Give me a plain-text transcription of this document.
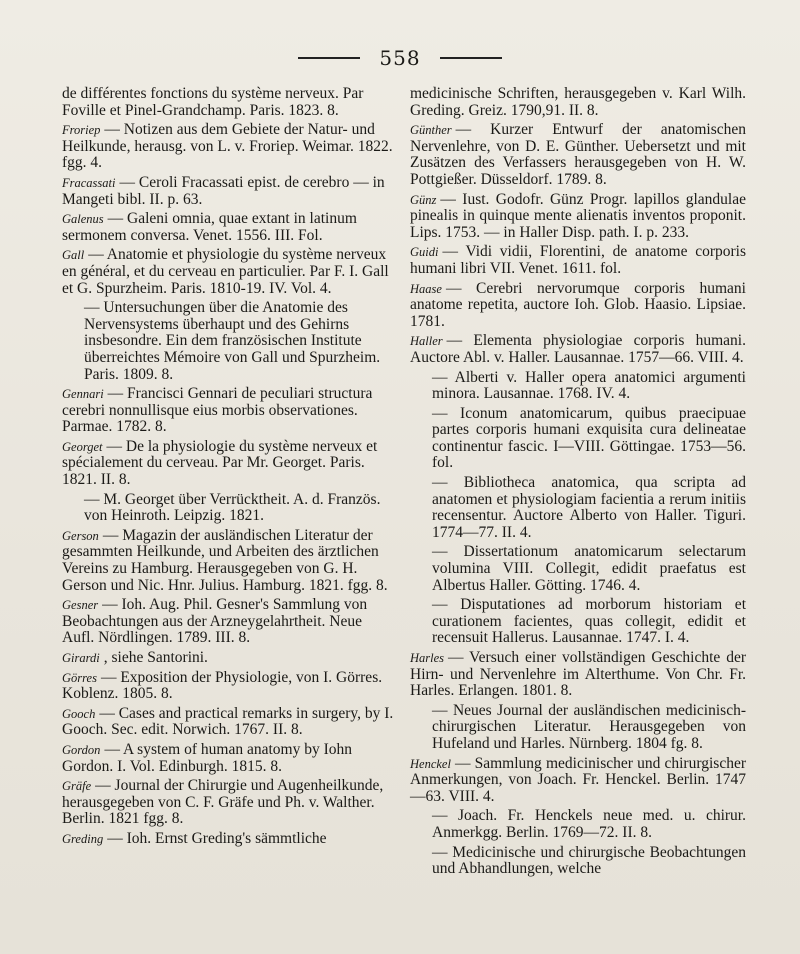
558
de différentes fonctions du système nerveux. Par Foville et Pinel-Grandchamp. Paris. 1823. 8.
Froriep — Notizen aus dem Gebiete der Natur- und Heilkunde, herausg. von L. v. Froriep. Weimar. 1822. fgg. 4.
Fracassati — Ceroli Fracassati epist. de cerebro — in Mangeti bibl. II. p. 63.
Galenus — Galeni omnia, quae extant in latinum sermonem conversa. Venet. 1556. III. Fol.
Gall — Anatomie et physiologie du système nerveux en général, et du cerveau en particulier. Par F. I. Gall et G. Spurzheim. Paris. 1810-19. IV. Vol. 4.
— Untersuchungen über die Anatomie des Nervensystems überhaupt und des Gehirns insbesondre. Ein dem französischen Institute überreichtes Mémoire von Gall und Spurzheim. Paris. 1809. 8.
Gennari — Francisci Gennari de peculiari structura cerebri nonnullisque eius morbis observationes. Parmae. 1782. 8.
Georget — De la physiologie du système nerveux et spécialement du cerveau. Par Mr. Georget. Paris. 1821. II. 8.
— M. Georget über Verrücktheit. A. d. Französ. von Heinroth. Leipzig. 1821.
Gerson — Magazin der ausländischen Literatur der gesammten Heilkunde, und Arbeiten des ärztlichen Vereins zu Hamburg. Herausgegeben von G. H. Gerson und Nic. Hnr. Julius. Hamburg. 1821. fgg. 8.
Gesner — Ioh. Aug. Phil. Gesner's Sammlung von Beobachtungen aus der Arzneygelahrtheit. Neue Aufl. Nördlingen. 1789. III. 8.
Girardi , siehe Santorini.
Görres — Exposition der Physiologie, von I. Görres. Koblenz. 1805. 8.
Gooch — Cases and practical remarks in surgery, by I. Gooch. Sec. edit. Norwich. 1767. II. 8.
Gordon — A system of human anatomy by Iohn Gordon. I. Vol. Edinburgh. 1815. 8.
Gräfe — Journal der Chirurgie und Augenheilkunde, herausgegeben von C. F. Gräfe und Ph. v. Walther. Berlin. 1821 fgg. 8.
Greding — Ioh. Ernst Greding's sämmtliche
medicinische Schriften, herausgegeben v. Karl Wilh. Greding. Greiz. 1790,91. II. 8.
Günther — Kurzer Entwurf der anatomischen Nervenlehre, von D. E. Günther. Uebersetzt und mit Zusätzen des Verfassers herausgegeben von H. W. Pottgießer. Düsseldorf. 1789. 8.
Günz — Iust. Godofr. Günz Progr. lapillos glandulae pinealis in quinque mente alienatis inventos proponit. Lips. 1753. — in Haller Disp. path. I. p. 233.
Guidi — Vidi vidii, Florentini, de anatome corporis humani libri VII. Venet. 1611. fol.
Haase — Cerebri nervorumque corporis humani anatome repetita, auctore Ioh. Glob. Haasio. Lipsiae. 1781.
Haller — Elementa physiologiae corporis humani. Auctore Abl. v. Haller. Lausannae. 1757—66. VIII. 4.
— Alberti v. Haller opera anatomici argumenti minora. Lausannae. 1768. IV. 4.
— Iconum anatomicarum, quibus praecipuae partes corporis humani exquisita cura delineatae continentur fascic. I—VIII. Göttingae. 1753—56. fol.
— Bibliotheca anatomica, qua scripta ad anatomen et physiologiam facientia a rerum initiis recensentur. Auctore Alberto von Haller. Tiguri. 1774—77. II. 4.
— Dissertationum anatomicarum selectarum volumina VIII. Collegit, edidit praefatus est Albertus Haller. Götting. 1746. 4.
— Disputationes ad morborum historiam et curationem facientes, quas collegit, edidit et recensuit Hallerus. Lausannae. 1747. I. 4.
Harles — Versuch einer vollständigen Geschichte der Hirn- und Nervenlehre im Alterthume. Von Chr. Fr. Harles. Erlangen. 1801. 8.
— Neues Journal der ausländischen medicinisch-chirurgischen Literatur. Herausgegeben von Hufeland und Harles. Nürnberg. 1804 fg. 8.
Henckel — Sammlung medicinischer und chirurgischer Anmerkungen, von Joach. Fr. Henckel. Berlin. 1747—63. VIII. 4.
— Joach. Fr. Henckels neue med. u. chirur. Anmerkgg. Berlin. 1769—72. II. 8.
— Medicinische und chirurgische Beobachtungen und Abhandlungen, welche
